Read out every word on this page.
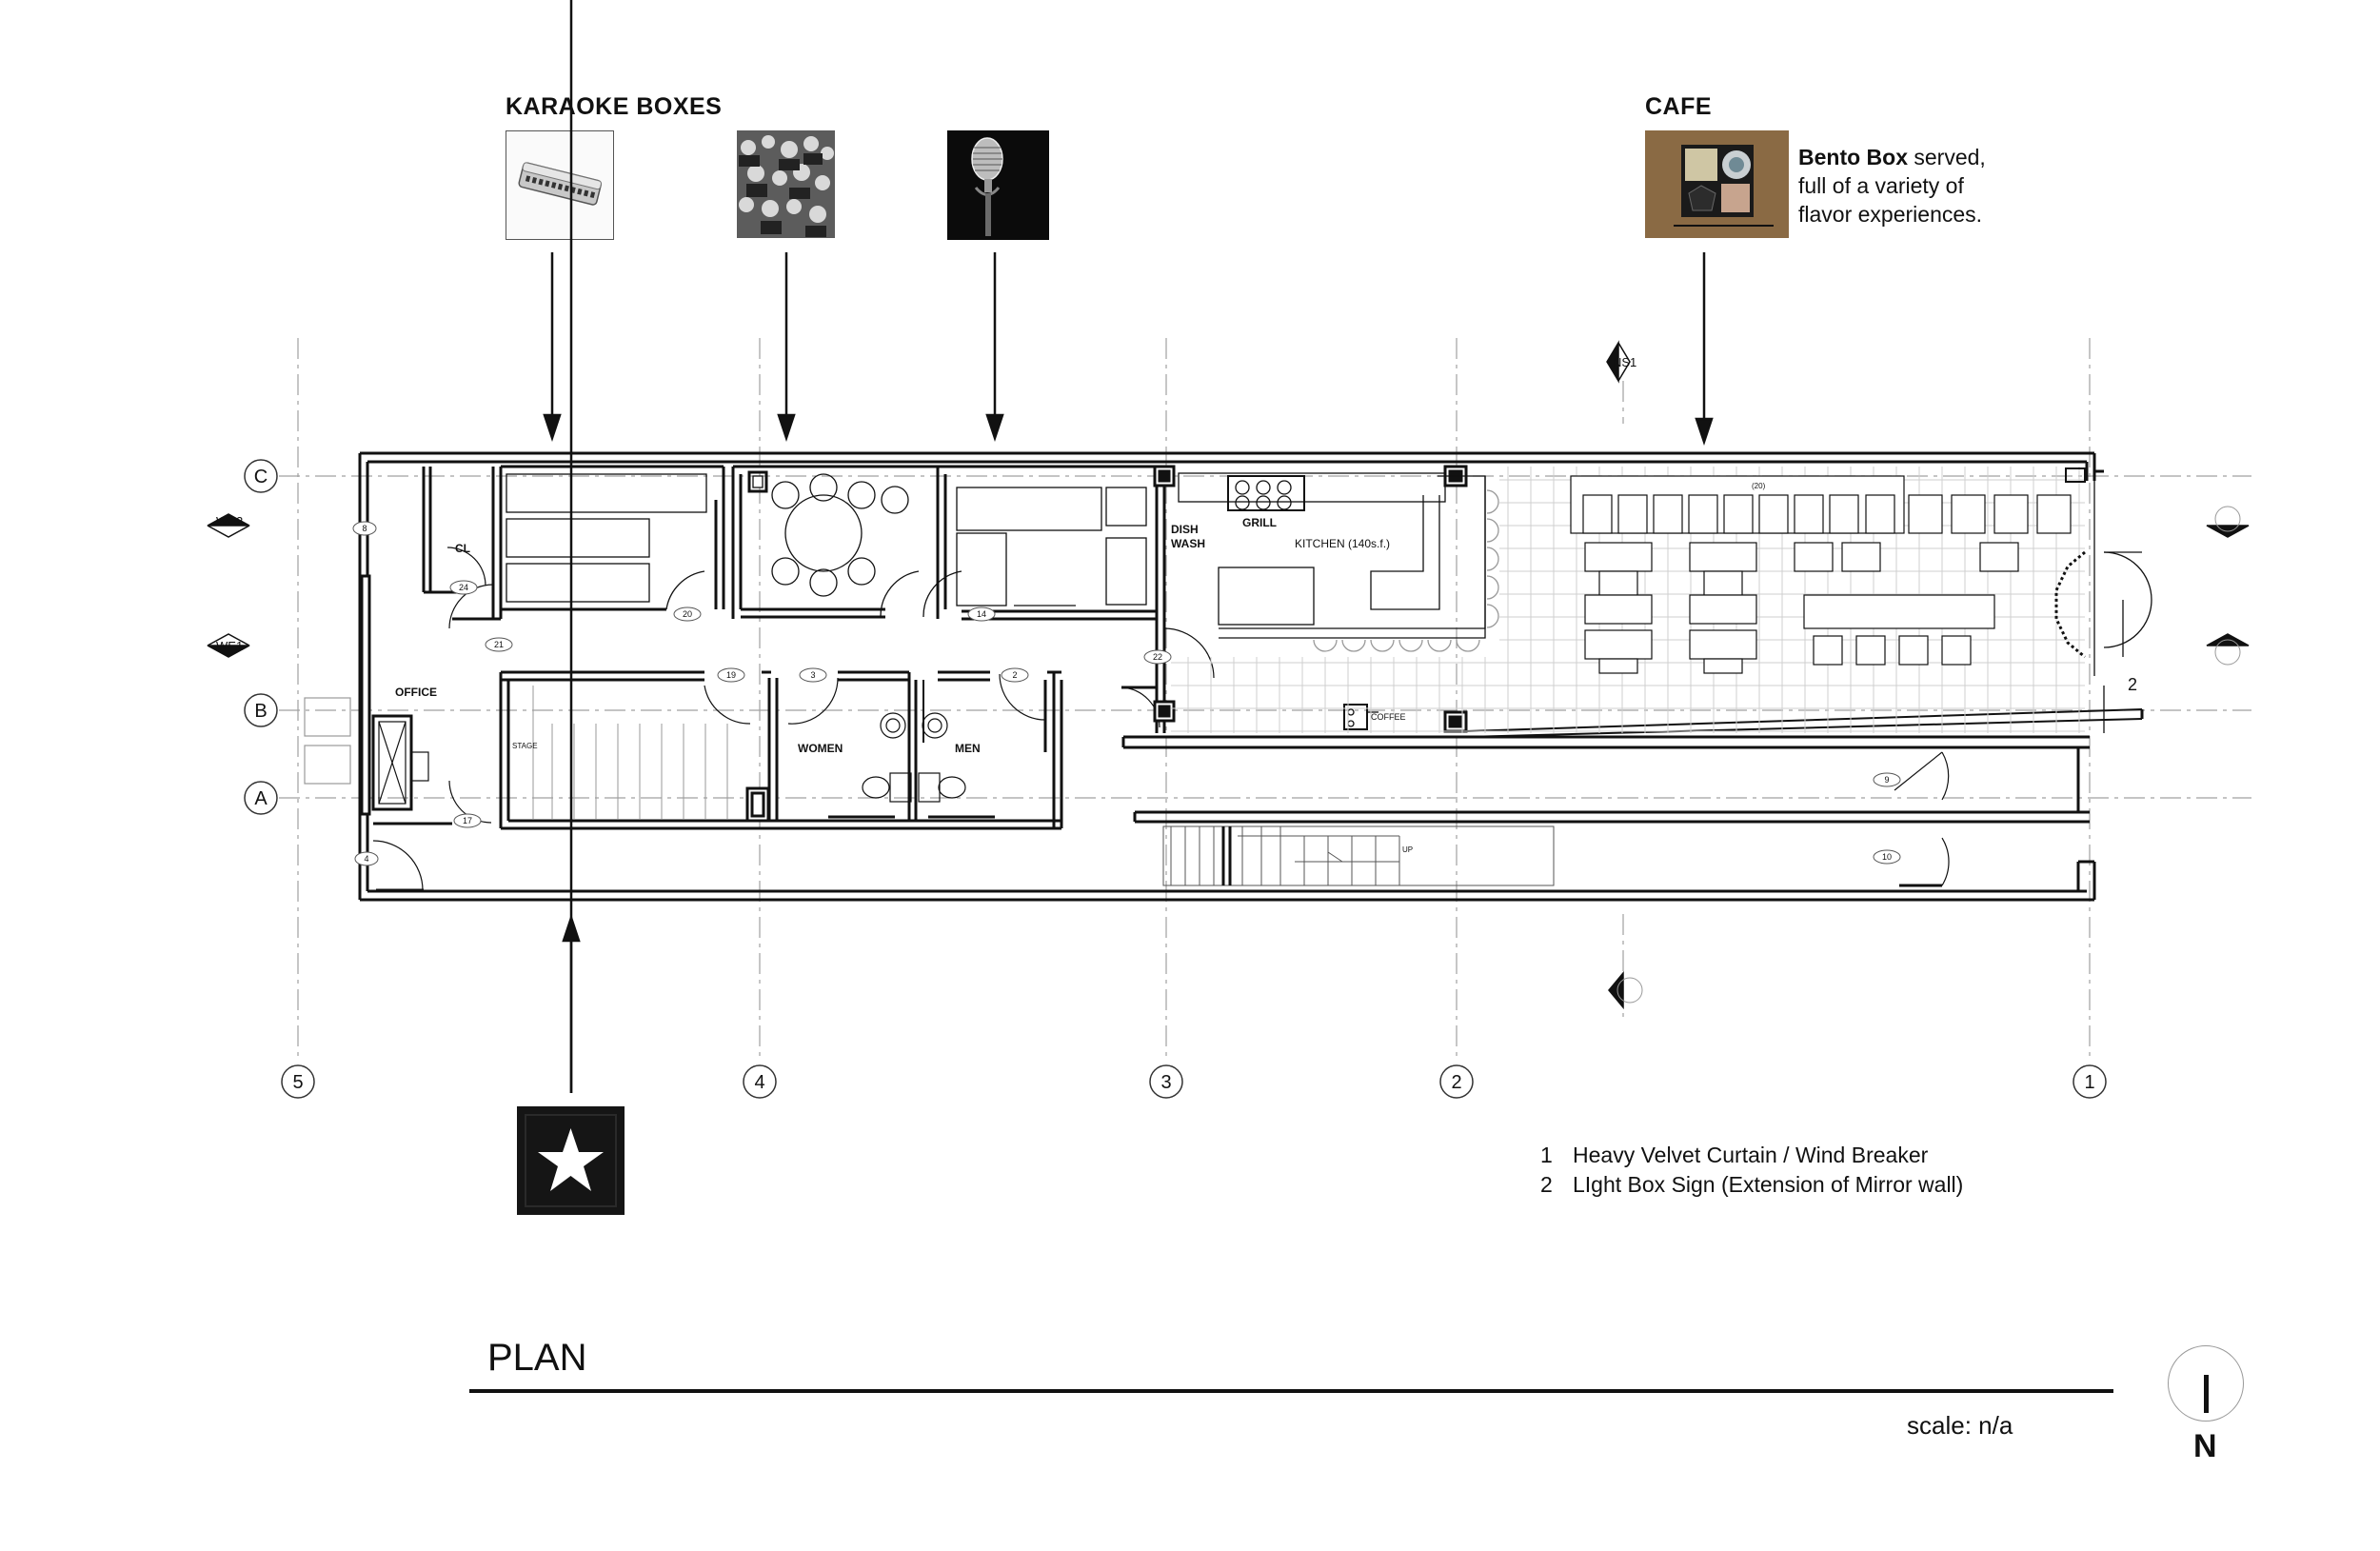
KARAOKE BOXES	CAFE
Bento Box served,
full of a variety of
flavor experiences.
5	4	3	2	1
C
B
A
WE2
WE1
NS1
CL
OFFICE
WOMEN	MEN
DISH
WASH
GRILL
STAGE
KITCHEN (140s.f.)
COFFEE
UP
(20)
8
24
21
20	14
19	3	2
22
17
4
9
10
2
1 Heavy Velvet Curtain / Wind Breaker
2 LIght Box Sign (Extension of Mirror wall)
PLAN
scale: n/a
N
